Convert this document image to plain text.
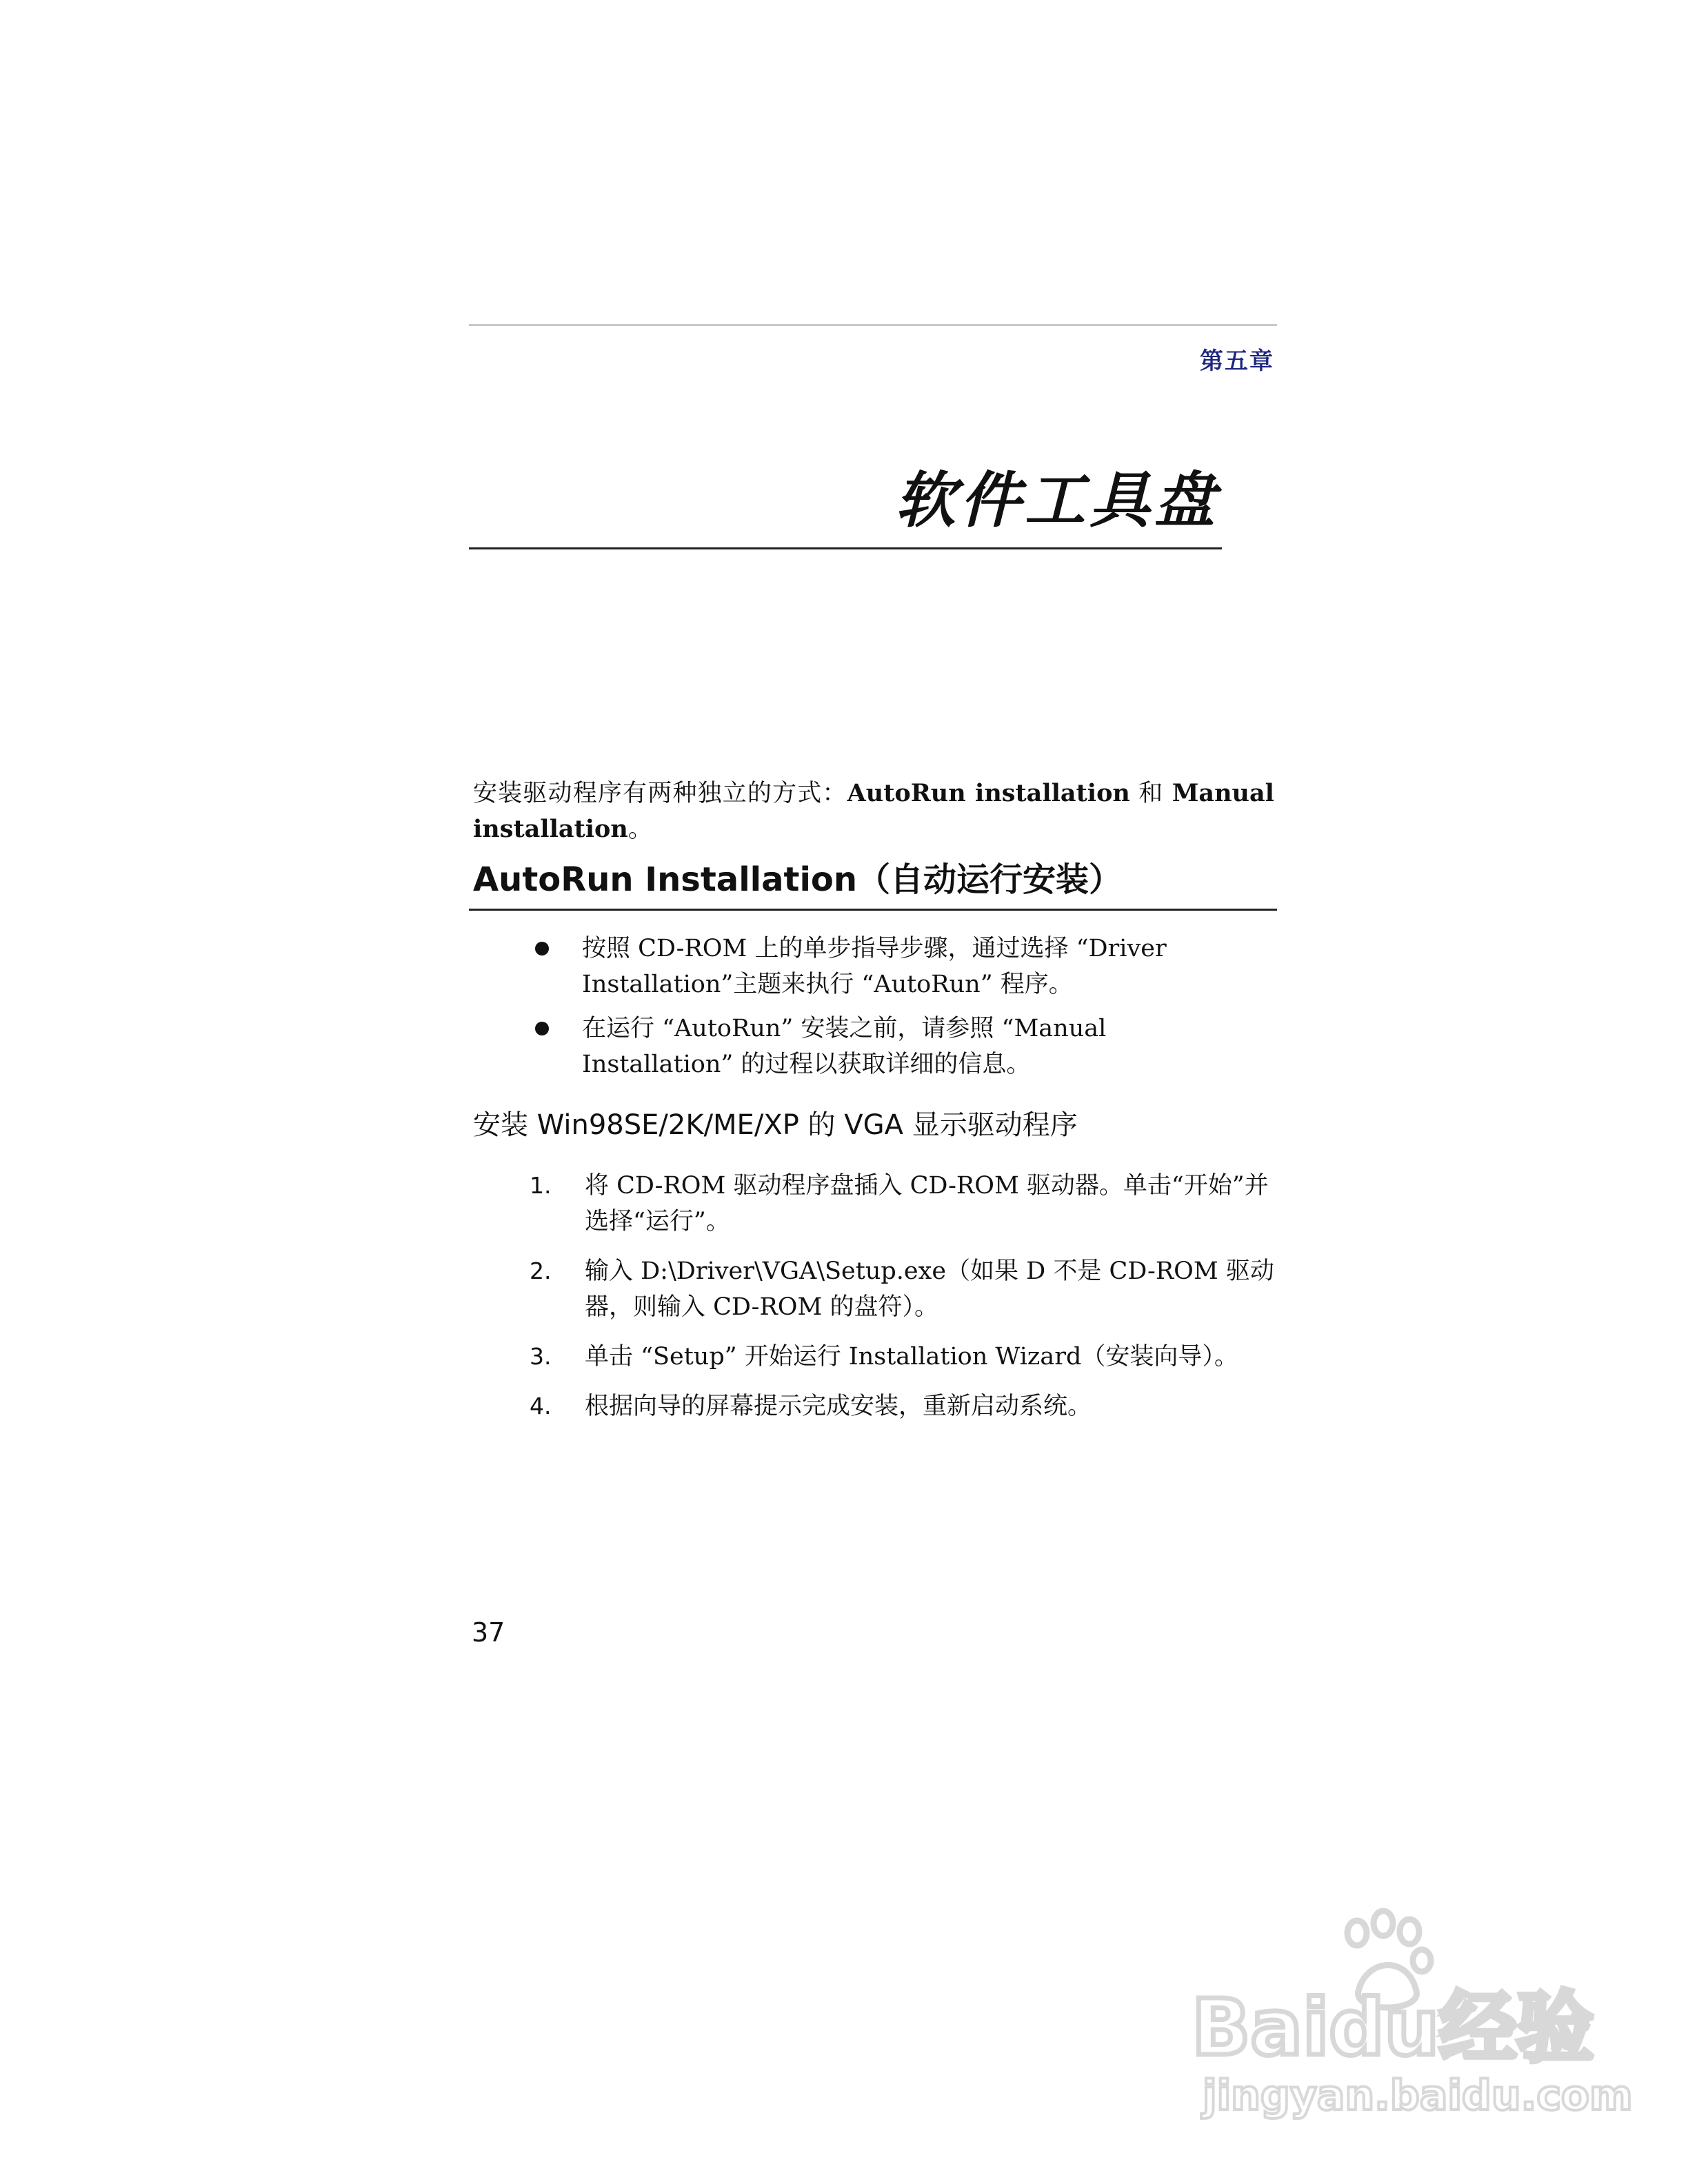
第五章
软件工具盘

安装驱动程序有两种独立的方式：AutoRun installation 和 Manual installation。

AutoRun Installation（自动运行安装）
按照 CD-ROM 上的单步指导步骤，通过选择 “Driver Installation”主题来执行 “AutoRun” 程序。
在运行 “AutoRun” 安装之前，请参照 “Manual Installation” 的过程以获取详细的信息。
安装 Win98SE/2K/ME/XP 的 VGA 显示驱动程序
1. 将 CD-ROM 驱动程序盘插入 CD-ROM 驱动器。单击“开始”并选择“运行”。
2. 输入 D:\Driver\VGA\Setup.exe（如果 D 不是 CD-ROM 驱动器，则输入 CD-ROM 的盘符）。
3. 单击 “Setup” 开始运行 Installation Wizard（安装向导）。
4. 根据向导的屏幕提示完成安装，重新启动系统。
37
Baidu经验
jingyan.baidu.com
